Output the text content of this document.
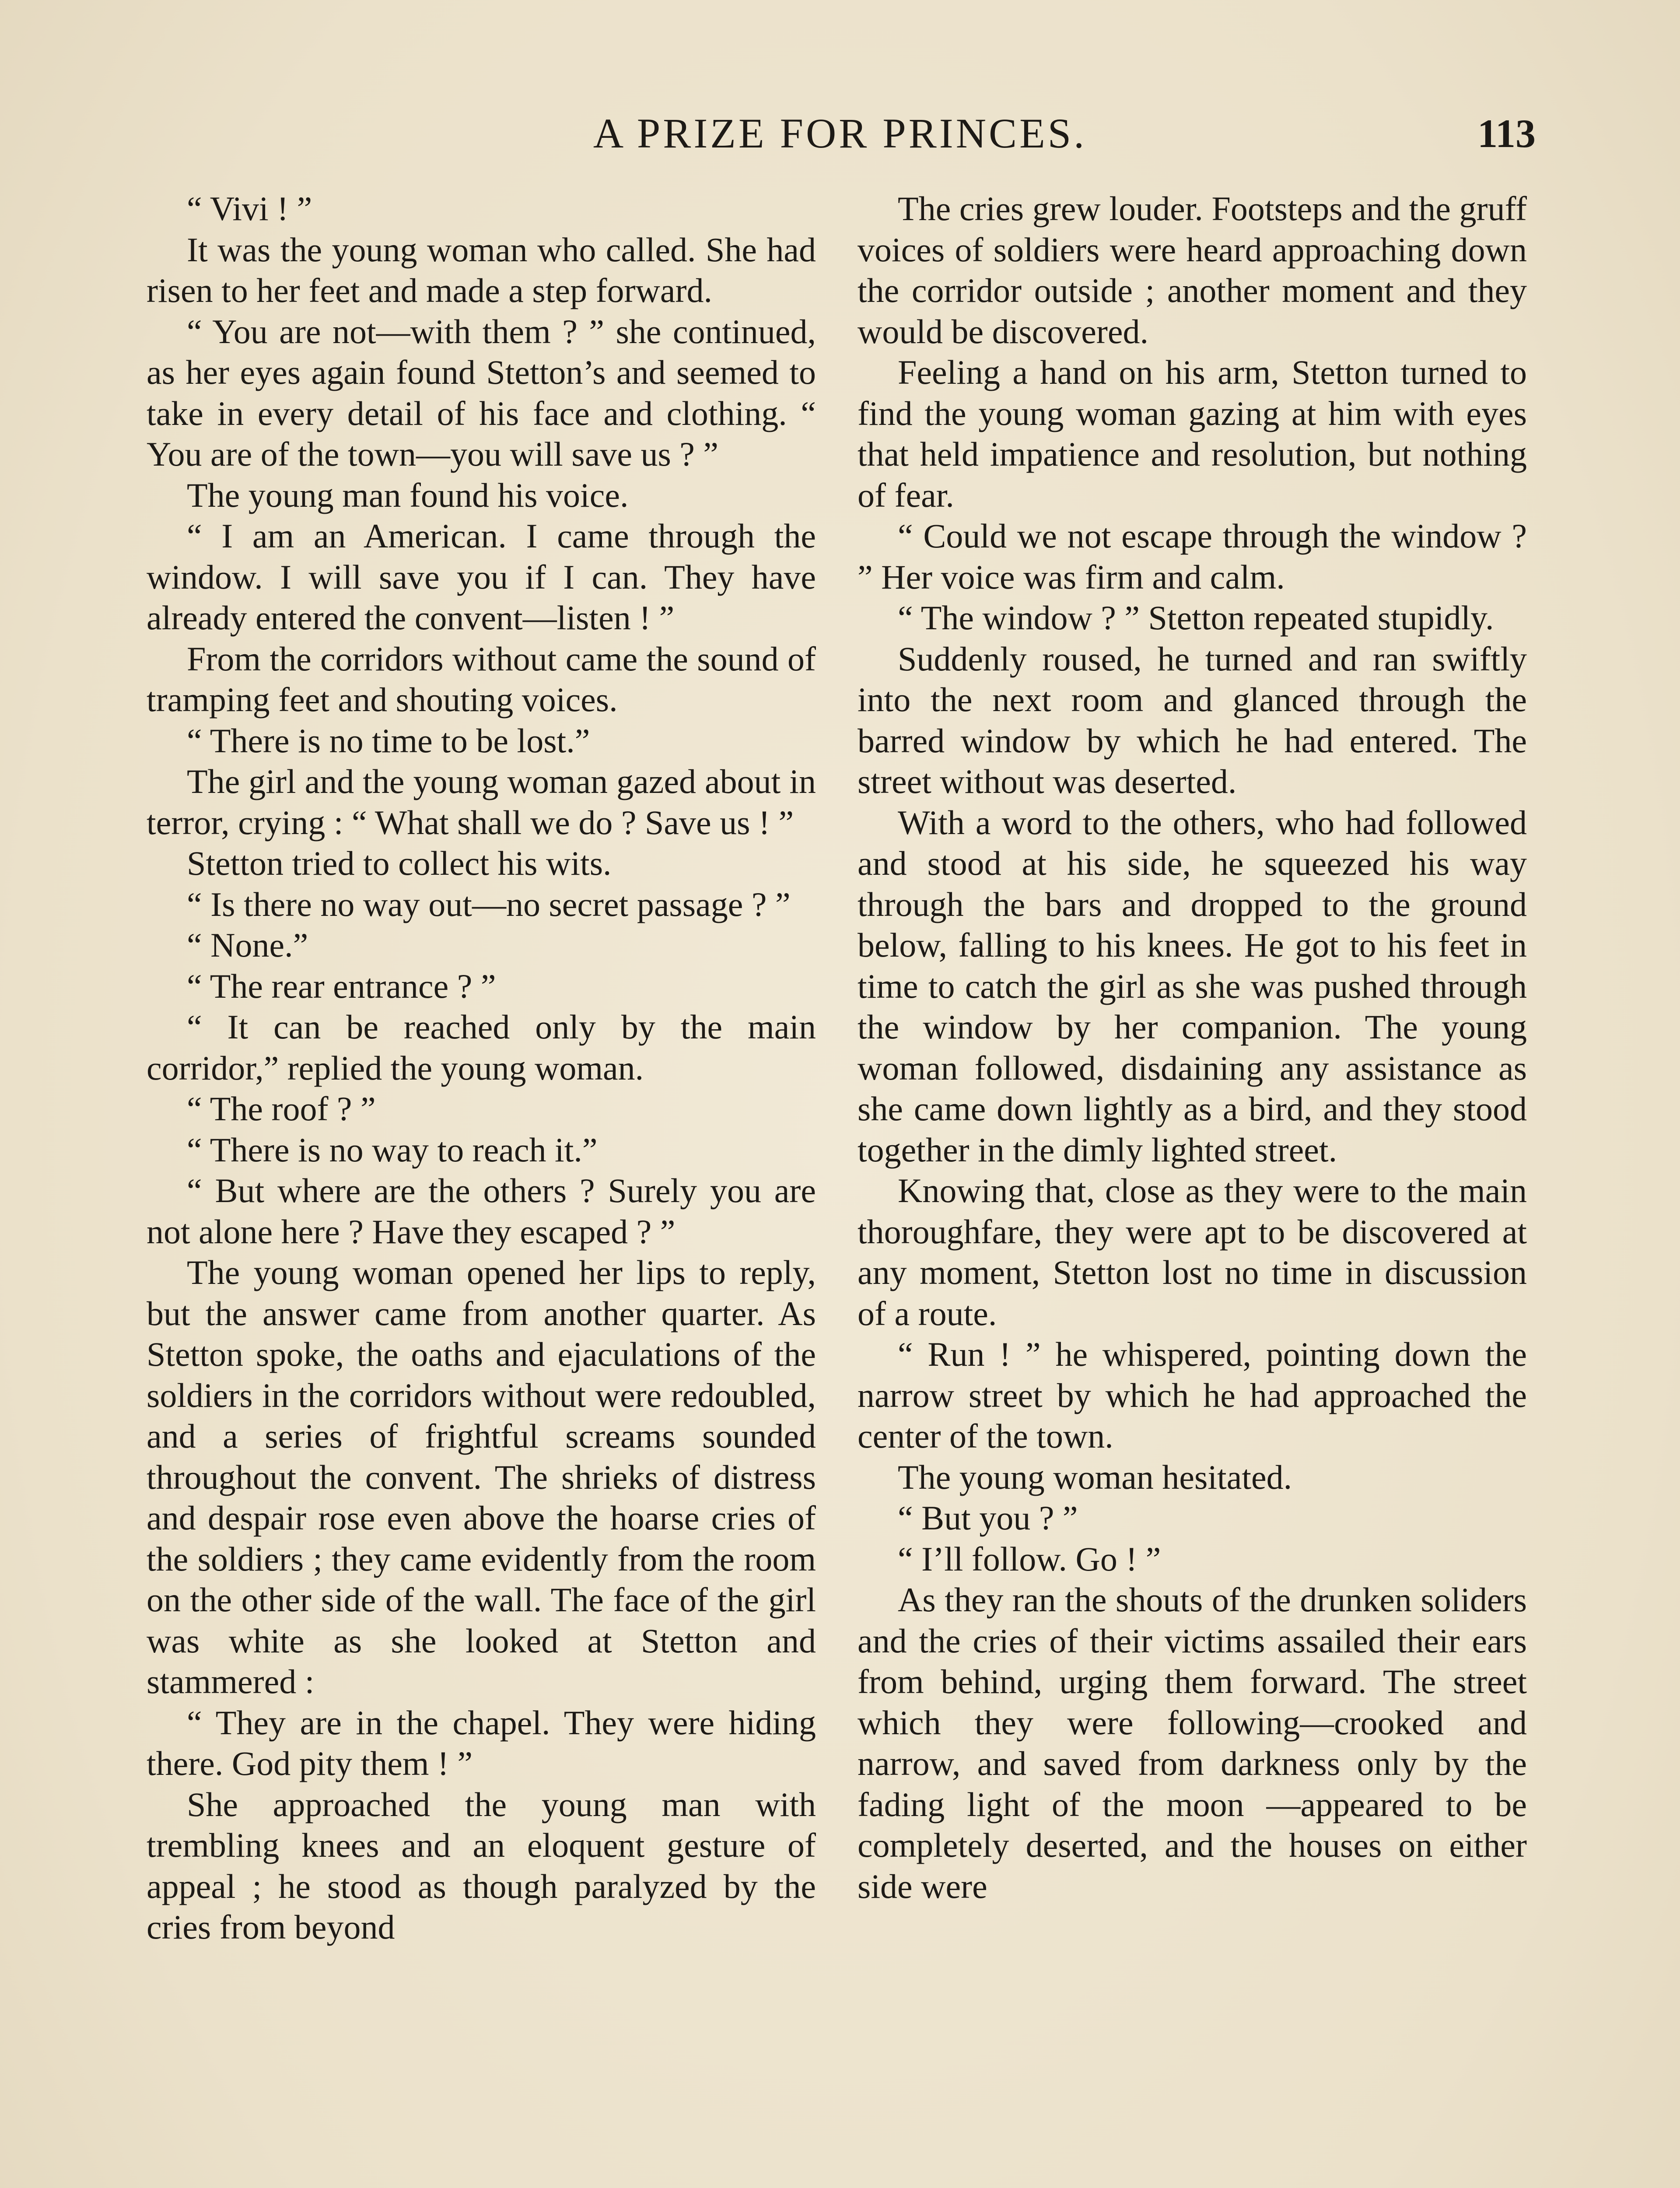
A PRIZE FOR PRINCES.	113

“ Vivi ! ”

It was the young woman who called. She had risen to her feet and made a step forward.

“ You are not—with them ? ” she continued, as her eyes again found Stetton’s and seemed to take in every detail of his face and clothing. “ You are of the town—you will save us ? ”

The young man found his voice.

“ I am an American. I came through the window. I will save you if I can. They have already entered the convent—listen ! ”

From the corridors without came the sound of tramping feet and shouting voices.

“ There is no time to be lost.”

The girl and the young woman gazed about in terror, crying : “ What shall we do ? Save us ! ”

Stetton tried to collect his wits.

“ Is there no way out—no secret passage ? ”

“ None.”

“ The rear entrance ? ”

“ It can be reached only by the main corridor,” replied the young woman.

“ The roof ? ”

“ There is no way to reach it.”

“ But where are the others ? Surely you are not alone here ? Have they escaped ? ”

The young woman opened her lips to reply, but the answer came from another quarter. As Stetton spoke, the oaths and ejaculations of the soldiers in the corridors without were redoubled, and a series of frightful screams sounded throughout the convent. The shrieks of distress and despair rose even above the hoarse cries of the soldiers ; they came evidently from the room on the other side of the wall. The face of the girl was white as she looked at Stetton and stammered :

“ They are in the chapel. They were hiding there. God pity them ! ”

She approached the young man with trembling knees and an eloquent gesture of appeal ; he stood as though paralyzed by the cries from beyond

The cries grew louder. Footsteps and the gruff voices of soldiers were heard approaching down the corridor outside ; another moment and they would be discovered.

Feeling a hand on his arm, Stetton turned to find the young woman gazing at him with eyes that held impatience and resolution, but nothing of fear.

“ Could we not escape through the window ? ” Her voice was firm and calm.

“ The window ? ” Stetton repeated stupidly.

Suddenly roused, he turned and ran swiftly into the next room and glanced through the barred window by which he had entered. The street without was deserted.

With a word to the others, who had followed and stood at his side, he squeezed his way through the bars and dropped to the ground below, falling to his knees. He got to his feet in time to catch the girl as she was pushed through the window by her companion. The young woman followed, disdaining any assistance as she came down lightly as a bird, and they stood together in the dimly lighted street.

Knowing that, close as they were to the main thoroughfare, they were apt to be discovered at any moment, Stetton lost no time in discussion of a route.

“ Run ! ” he whispered, pointing down the narrow street by which he had approached the center of the town.

The young woman hesitated.

“ But you ? ”

“ I’ll follow. Go ! ”

As they ran the shouts of the drunken soliders and the cries of their victims assailed their ears from behind, urging them forward. The street which they were following—crooked and narrow, and saved from darkness only by the fading light of the moon —appeared to be completely deserted, and the houses on either side were
